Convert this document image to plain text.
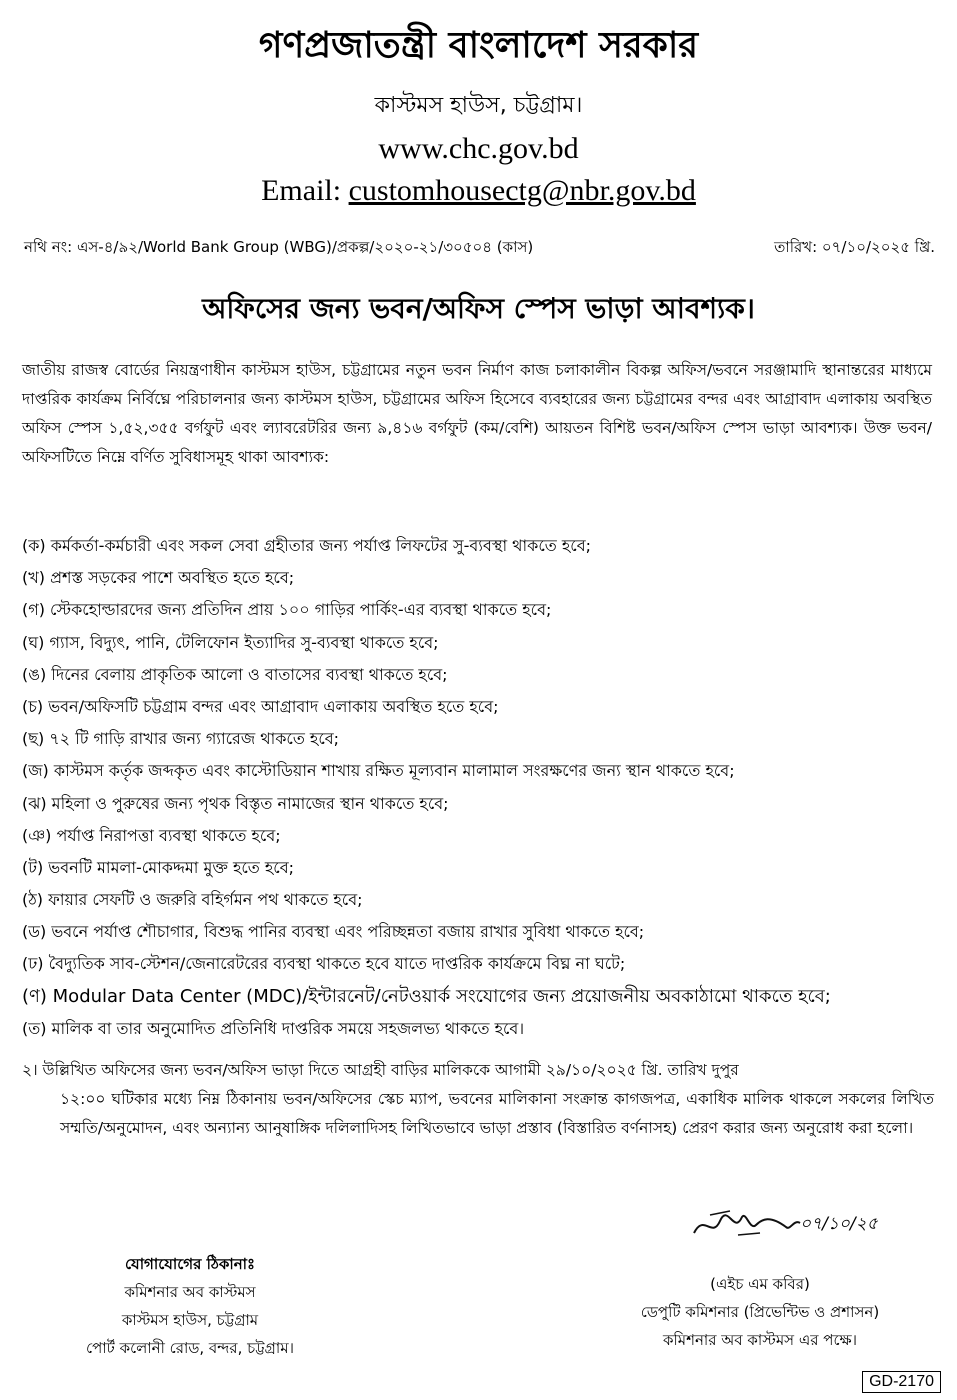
গণপ্রজাতন্ত্রী বাংলাদেশ সরকার
কাস্টমস হাউস, চট্টগ্রাম।
www.chc.gov.bd
Email: customhousectg@nbr.gov.bd
নথি নং: এস-৪/৯২/World Bank Group (WBG)/প্রকল্প/২০২০-২১/৩০৫০৪ (কাস)	তারিখ: ০৭/১০/২০২৫ খ্রি.
অফিসের জন্য ভবন/অফিস স্পেস ভাড়া আবশ্যক।

জাতীয় রাজস্ব বোর্ডের নিয়ন্ত্রণাধীন কাস্টমস হাউস, চট্টগ্রামের নতুন ভবন নির্মাণ কাজ চলাকালীন বিকল্প অফিস/ভবনে সরঞ্জামাদি স্থানান্তরের মাধ্যমে দাপ্তরিক কার্যক্রম নির্বিঘ্নে পরিচালনার জন্য কাস্টমস হাউস, চট্টগ্রামের অফিস হিসেবে ব্যবহারের জন্য চট্টগ্রামের বন্দর এবং আগ্রাবাদ এলাকায় অবস্থিত অফিস স্পেস ১,৫২,৩৫৫ বর্গফুট এবং ল্যাবরেটরির জন্য ৯,৪১৬ বর্গফুট (কম/বেশি) আয়তন বিশিষ্ট ভবন/অফিস স্পেস ভাড়া আবশ্যক। উক্ত ভবন/অফিসটিতে নিম্নে বর্ণিত সুবিধাসমূহ থাকা আবশ্যক:

(ক) কর্মকর্তা-কর্মচারী এবং সকল সেবা গ্রহীতার জন্য পর্যাপ্ত লিফটের সু-ব্যবস্থা থাকতে হবে;
(খ) প্রশস্ত সড়কের পাশে অবস্থিত হতে হবে;
(গ) স্টেকহোল্ডারদের জন্য প্রতিদিন প্রায় ১০০ গাড়ির পার্কিং-এর ব্যবস্থা থাকতে হবে;
(ঘ) গ্যাস, বিদ্যুৎ, পানি, টেলিফোন ইত্যাদির সু-ব্যবস্থা থাকতে হবে;
(ঙ) দিনের বেলায় প্রাকৃতিক আলো ও বাতাসের ব্যবস্থা থাকতে হবে;
(চ) ভবন/অফিসটি চট্টগ্রাম বন্দর এবং আগ্রাবাদ এলাকায় অবস্থিত হতে হবে;
(ছ) ৭২ টি গাড়ি রাখার জন্য গ্যারেজ থাকতে হবে;
(জ) কাস্টমস কর্তৃক জব্দকৃত এবং কাস্টোডিয়ান শাখায় রক্ষিত মূল্যবান মালামাল সংরক্ষণের জন্য স্থান থাকতে হবে;
(ঝ) মহিলা ও পুরুষের জন্য পৃথক বিস্তৃত নামাজের স্থান থাকতে হবে;
(ঞ) পর্যাপ্ত নিরাপত্তা ব্যবস্থা থাকতে হবে;
(ট) ভবনটি মামলা-মোকদ্দমা মুক্ত হতে হবে;
(ঠ) ফায়ার সেফটি ও জরুরি বহির্গমন পথ থাকতে হবে;
(ড) ভবনে পর্যাপ্ত শৌচাগার, বিশুদ্ধ পানির ব্যবস্থা এবং পরিচ্ছন্নতা বজায় রাখার সুবিধা থাকতে হবে;
(ঢ) বৈদ্যুতিক সাব-স্টেশন/জেনারেটরের ব্যবস্থা থাকতে হবে যাতে দাপ্তরিক কার্যক্রমে বিঘ্ন না ঘটে;
(ণ) Modular Data Center (MDC)/ইন্টারনেট/নেটওয়ার্ক সংযোগের জন্য প্রয়োজনীয় অবকাঠামো থাকতে হবে;
(ত) মালিক বা তার অনুমোদিত প্রতিনিধি দাপ্তরিক সময়ে সহজলভ্য থাকতে হবে।
২। উল্লিখিত অফিসের জন্য ভবন/অফিস ভাড়া দিতে আগ্রহী বাড়ির মালিককে আগামী ২৯/১০/২০২৫ খ্রি. তারিখ দুপুর
১২:০০ ঘটিকার মধ্যে নিম্ন ঠিকানায় ভবন/অফিসের স্কেচ ম্যাপ, ভবনের মালিকানা সংক্রান্ত কাগজপত্র, একাধিক মালিক থাকলে সকলের লিখিত সম্মতি/অনুমোদন, এবং অন্যান্য আনুষাঙ্গিক দলিলাদিসহ লিখিতভাবে ভাড়া প্রস্তাব (বিস্তারিত বর্ণনাসহ) প্রেরণ করার জন্য অনুরোধ করা হলো।
যোগাযোগের ঠিকানাঃ
কমিশনার অব কাস্টমস
কাস্টমস হাউস, চট্টগ্রাম
পোর্ট কলোনী রোড, বন্দর, চট্টগ্রাম।
০৭/১০/২৫
(এইচ এম কবির)
ডেপুটি কমিশনার (প্রিভেন্টিভ ও প্রশাসন)
কমিশনার অব কাস্টমস এর পক্ষে।
GD-2170
